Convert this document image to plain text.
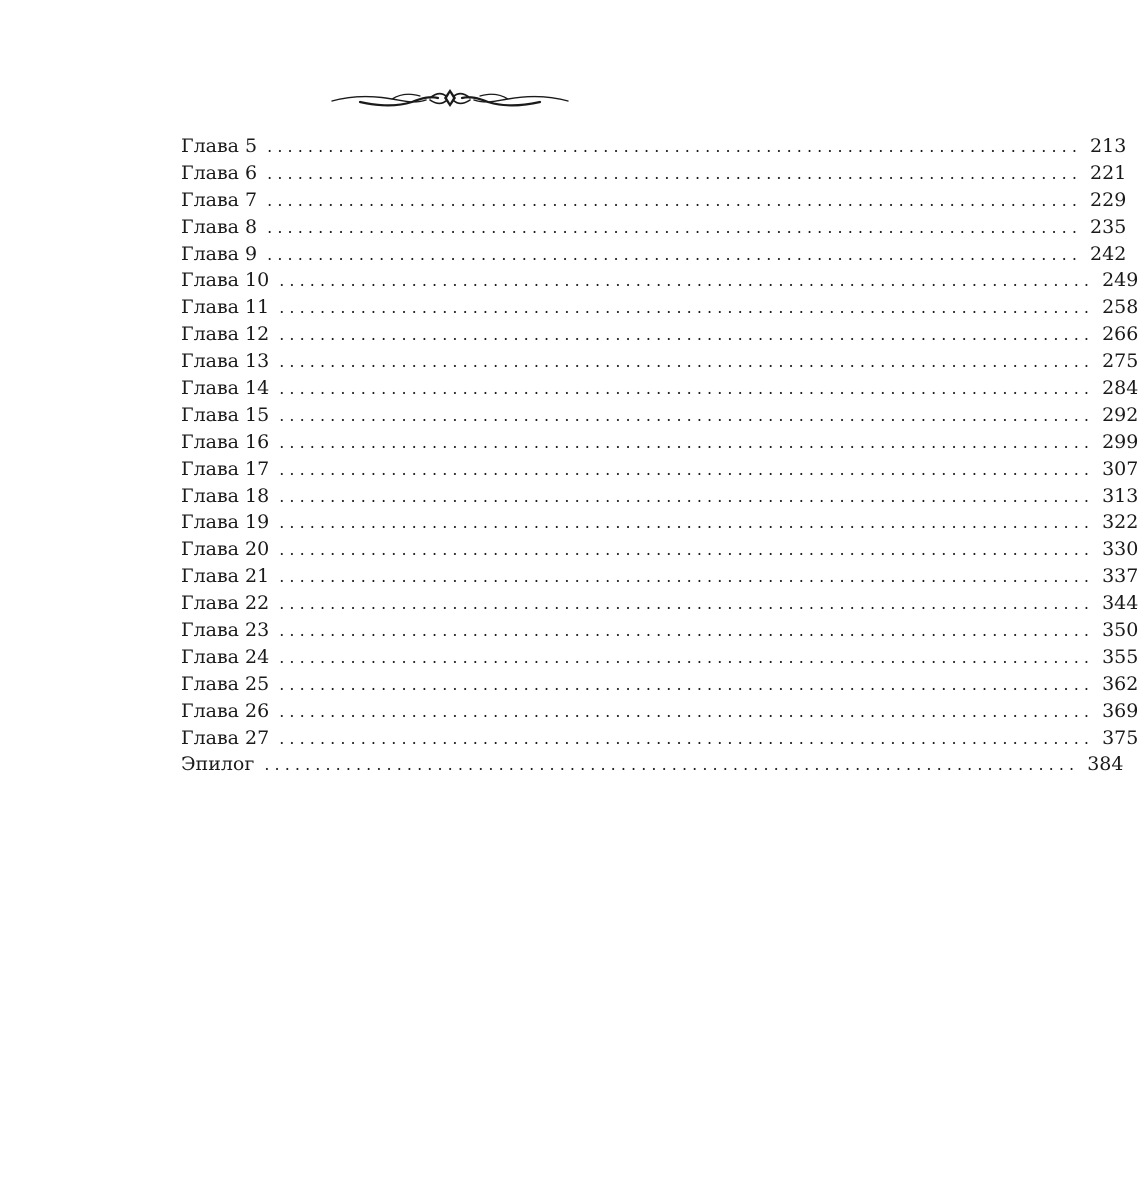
Глава 5 ................................................................................ 213
Глава 6 ................................................................................ 221
Глава 7 ................................................................................ 229
Глава 8 ................................................................................ 235
Глава 9 ................................................................................ 242
Глава 10 ................................................................................ 249
Глава 11 ................................................................................ 258
Глава 12 ................................................................................ 266
Глава 13 ................................................................................ 275
Глава 14 ................................................................................ 284
Глава 15 ................................................................................ 292
Глава 16 ................................................................................ 299
Глава 17 ................................................................................ 307
Глава 18 ................................................................................ 313
Глава 19 ................................................................................ 322
Глава 20 ................................................................................ 330
Глава 21 ................................................................................ 337
Глава 22 ................................................................................ 344
Глава 23 ................................................................................ 350
Глава 24 ................................................................................ 355
Глава 25 ................................................................................ 362
Глава 26 ................................................................................ 369
Глава 27 ................................................................................ 375
Эпилог ................................................................................ 384
